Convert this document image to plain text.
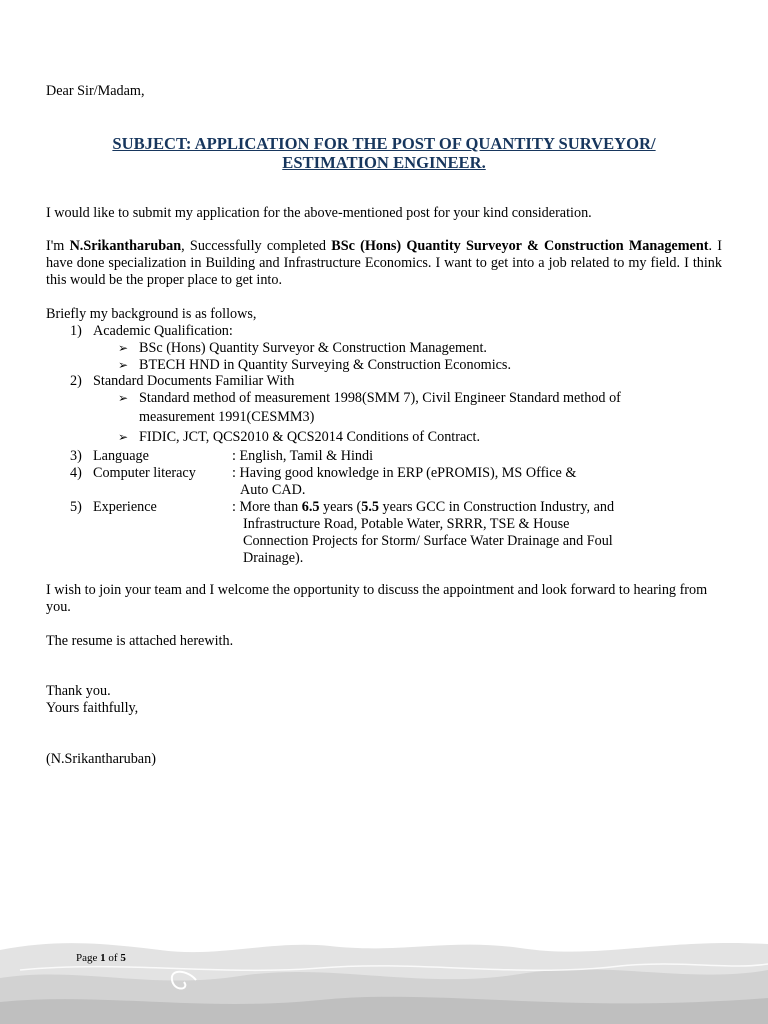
Dear Sir/Madam,
SUBJECT: APPLICATION FOR THE POST OF QUANTITY SURVEYOR/
ESTIMATION ENGINEER.
I would like to submit my application for the above-mentioned post for your kind consideration.
I'm N.Srikantharuban, Successfully completed BSc (Hons) Quantity Surveyor & Construction Management. I have done specialization in Building and Infrastructure Economics. I want to get into a job related to my field. I think this would be the proper place to get into.
Briefly my background is as follows,
1) Academic Qualification:
➢ BSc (Hons) Quantity Surveyor & Construction Management.
➢ BTECH HND in Quantity Surveying & Construction Economics.
2) Standard Documents Familiar With
➢ Standard method of measurement 1998(SMM 7), Civil Engineer Standard method of
measurement 1991(CESMM3)
➢ FIDIC, JCT, QCS2010 & QCS2014 Conditions of Contract.
3) Language	: English, Tamil & Hindi
4) Computer literacy	: Having good knowledge in ERP (ePROMIS), MS Office &
Auto CAD.
5) Experience	: More than 6.5 years (5.5 years GCC in Construction Industry, and
Infrastructure Road, Potable Water, SRRR, TSE & House
Connection Projects for Storm/ Surface Water Drainage and Foul
Drainage).
I wish to join your team and I welcome the opportunity to discuss the appointment and look forward to hearing from you.
The resume is attached herewith.
Thank you.
Yours faithfully,
(N.Srikantharuban)
Page 1 of 5
